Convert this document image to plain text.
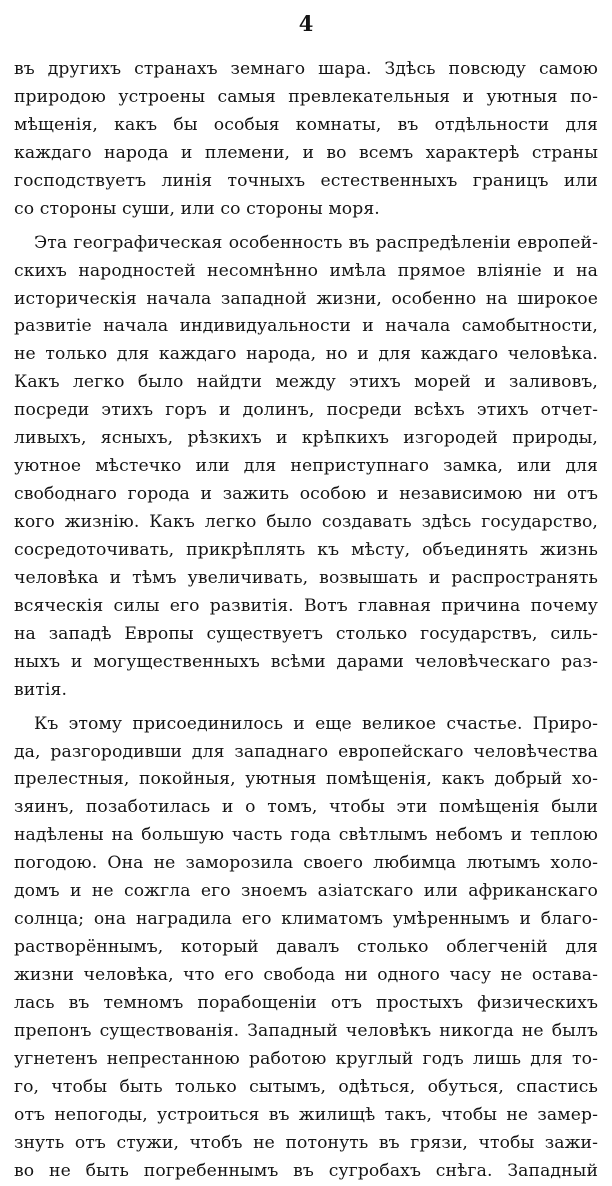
4
въ другихъ странахъ земнаго шара. Здѣсь повсюду самою
природою устроены самыя превлекательныя и уютныя по-
мѣщенія, какъ бы особыя комнаты, въ отдѣльности для
каждаго народа и племени, и во всемъ характерѣ страны
господствуетъ линія точныхъ естественныхъ границъ или
со стороны суши, или со стороны моря.
Эта географическая особенность въ распредѣленіи европей-
скихъ народностей несомнѣнно имѣла прямое вліяніе и на
историческія начала западной жизни, особенно на широкое
развитіе начала индивидуальности и начала самобытности,
не только для каждаго народа, но и для каждаго человѣка.
Какъ легко было найдти между этихъ морей и заливовъ,
посреди этихъ горъ и долинъ, посреди всѣхъ этихъ отчет-
ливыхъ, ясныхъ, рѣзкихъ и крѣпкихъ изгородей природы,
уютное мѣстечко или для неприступнаго замка, или для
свободнаго города и зажить особою и независимою ни отъ
кого жизнію. Какъ легко было создавать здѣсь государство,
сосредоточивать, прикрѣплять къ мѣсту, объединять жизнь
человѣка и тѣмъ увеличивать, возвышать и распространять
всяческія силы его развитія. Вотъ главная причина почему
на западѣ Европы существуетъ столько государствъ, силь-
ныхъ и могущественныхъ всѣми дарами человѣческаго раз-
витія.
Къ этому присоединилось и еще великое счастье. Приро-
да, разгородивши для западнаго европейскаго человѣчества
прелестныя, покойныя, уютныя помѣщенія, какъ добрый хо-
зяинъ, позаботилась и о томъ, чтобы эти помѣщенія были
надѣлены на большую часть года свѣтлымъ небомъ и теплою
погодою. Она не заморозила своего любимца лютымъ холо-
домъ и не сожгла его зноемъ азіатскаго или африканскаго
солнца; она наградила его климатомъ умѣреннымъ и благо-
растворённымъ, который давалъ столько облегченій для
жизни человѣка, что его свобода ни одного часу не остава-
лась въ темномъ порабощеніи отъ простыхъ физическихъ
препонъ существованія. Западный человѣкъ никогда не былъ
угнетенъ непрестанною работою круглый годъ лишь для то-
го, чтобы быть только сытымъ, одѣться, обуться, спастись
отъ непогоды, устроиться въ жилищѣ такъ, чтобы не замер-
знуть отъ стужи, чтобъ не потонуть въ грязи, чтобы зажи-
во не быть погребеннымъ въ сугробахъ снѣга. Западный
